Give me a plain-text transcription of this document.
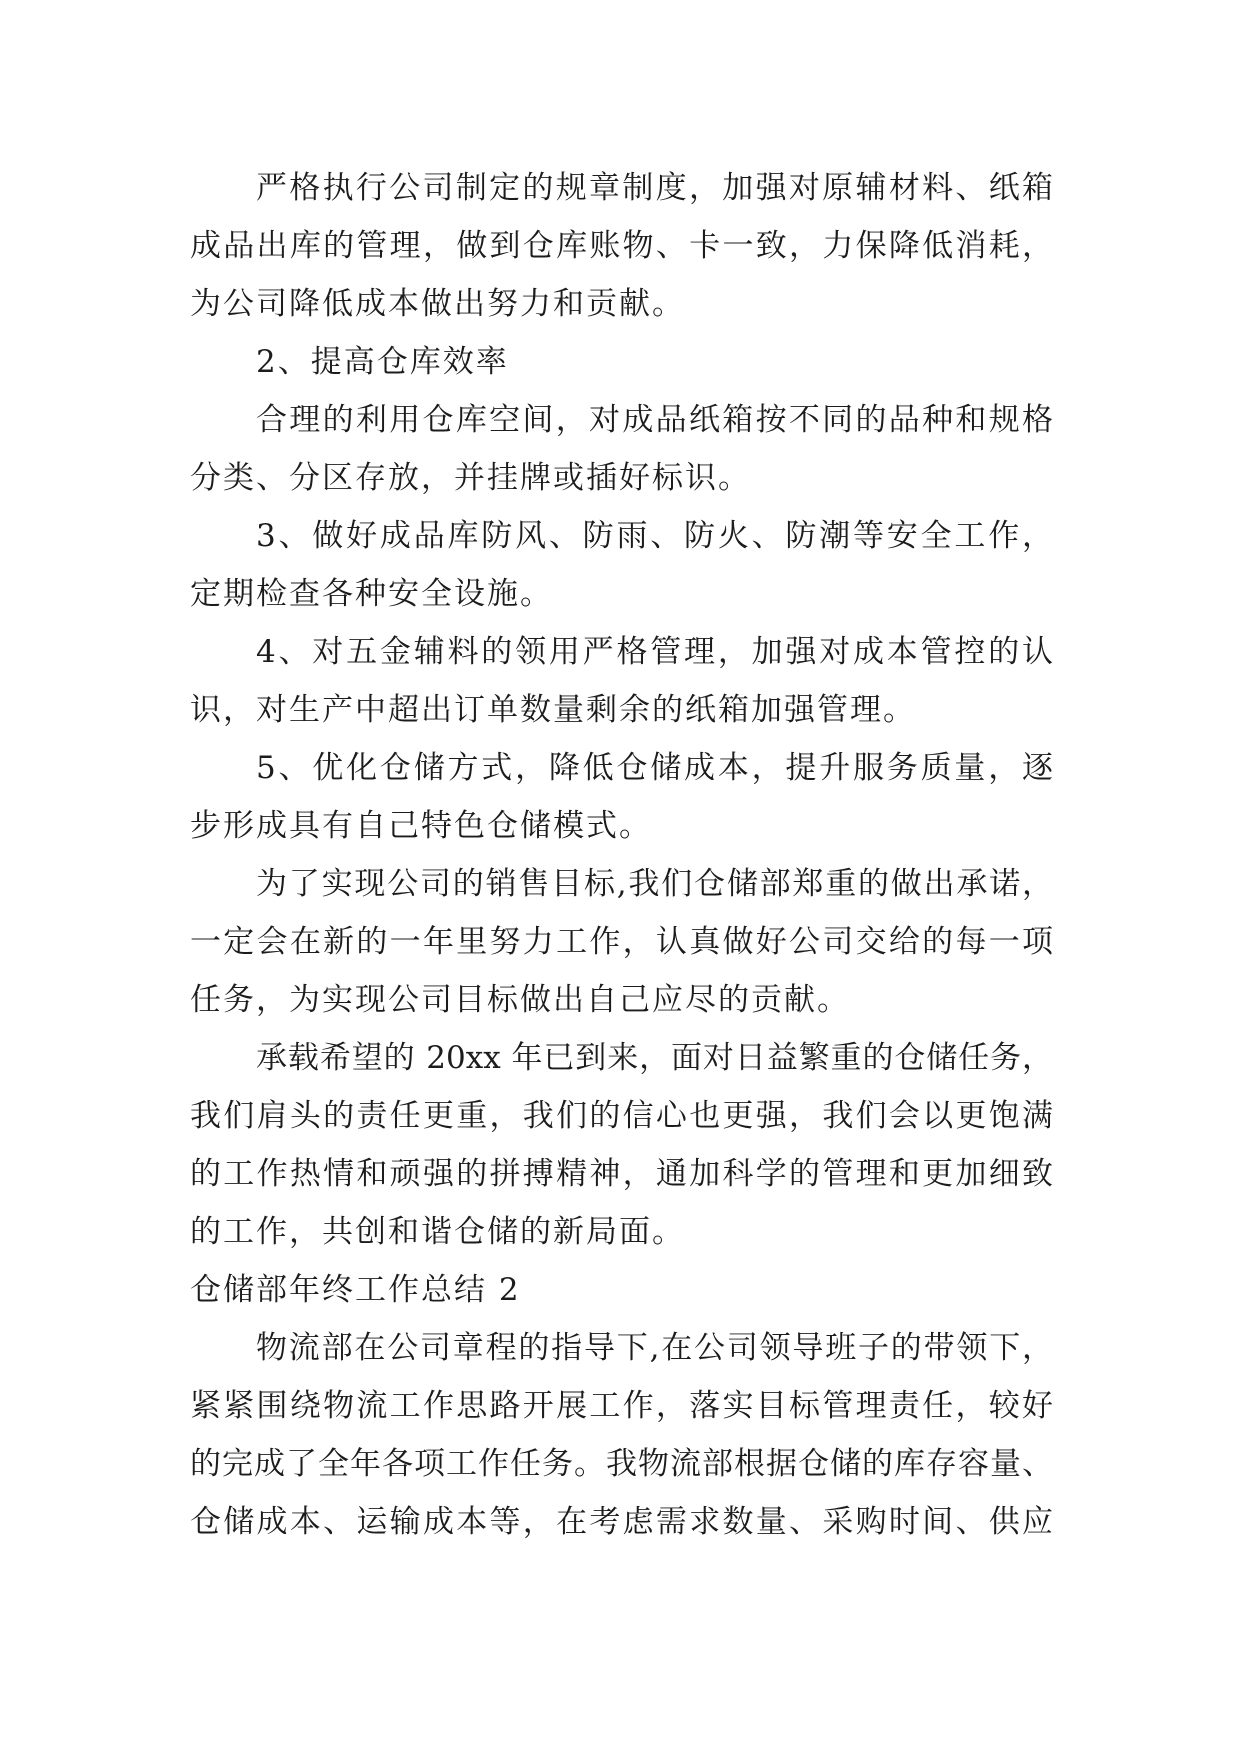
严格执行公司制定的规章制度，加强对原辅材料、纸箱
成品出库的管理，做到仓库账物、卡一致，力保降低消耗，
为公司降低成本做出努力和贡献。
2、提高仓库效率
合理的利用仓库空间，对成品纸箱按不同的品种和规格
分类、分区存放，并挂牌或插好标识。
3、做好成品库防风、防雨、防火、防潮等安全工作，
定期检查各种安全设施。
4、对五金辅料的领用严格管理，加强对成本管控的认
识，对生产中超出订单数量剩余的纸箱加强管理。
5、优化仓储方式，降低仓储成本，提升服务质量，逐
步形成具有自己特色仓储模式。
为了实现公司的销售目标,我们仓储部郑重的做出承诺，
一定会在新的一年里努力工作，认真做好公司交给的每一项
任务，为实现公司目标做出自己应尽的贡献。
承载希望的 20xx 年已到来，面对日益繁重的仓储任务，
我们肩头的责任更重，我们的信心也更强，我们会以更饱满
的工作热情和顽强的拼搏精神，通加科学的管理和更加细致
的工作，共创和谐仓储的新局面。
仓储部年终工作总结 2
物流部在公司章程的指导下,在公司领导班子的带领下，
紧紧围绕物流工作思路开展工作，落实目标管理责任，较好
的完成了全年各项工作任务。我物流部根据仓储的库存容量、
仓储成本、运输成本等，在考虑需求数量、采购时间、供应
